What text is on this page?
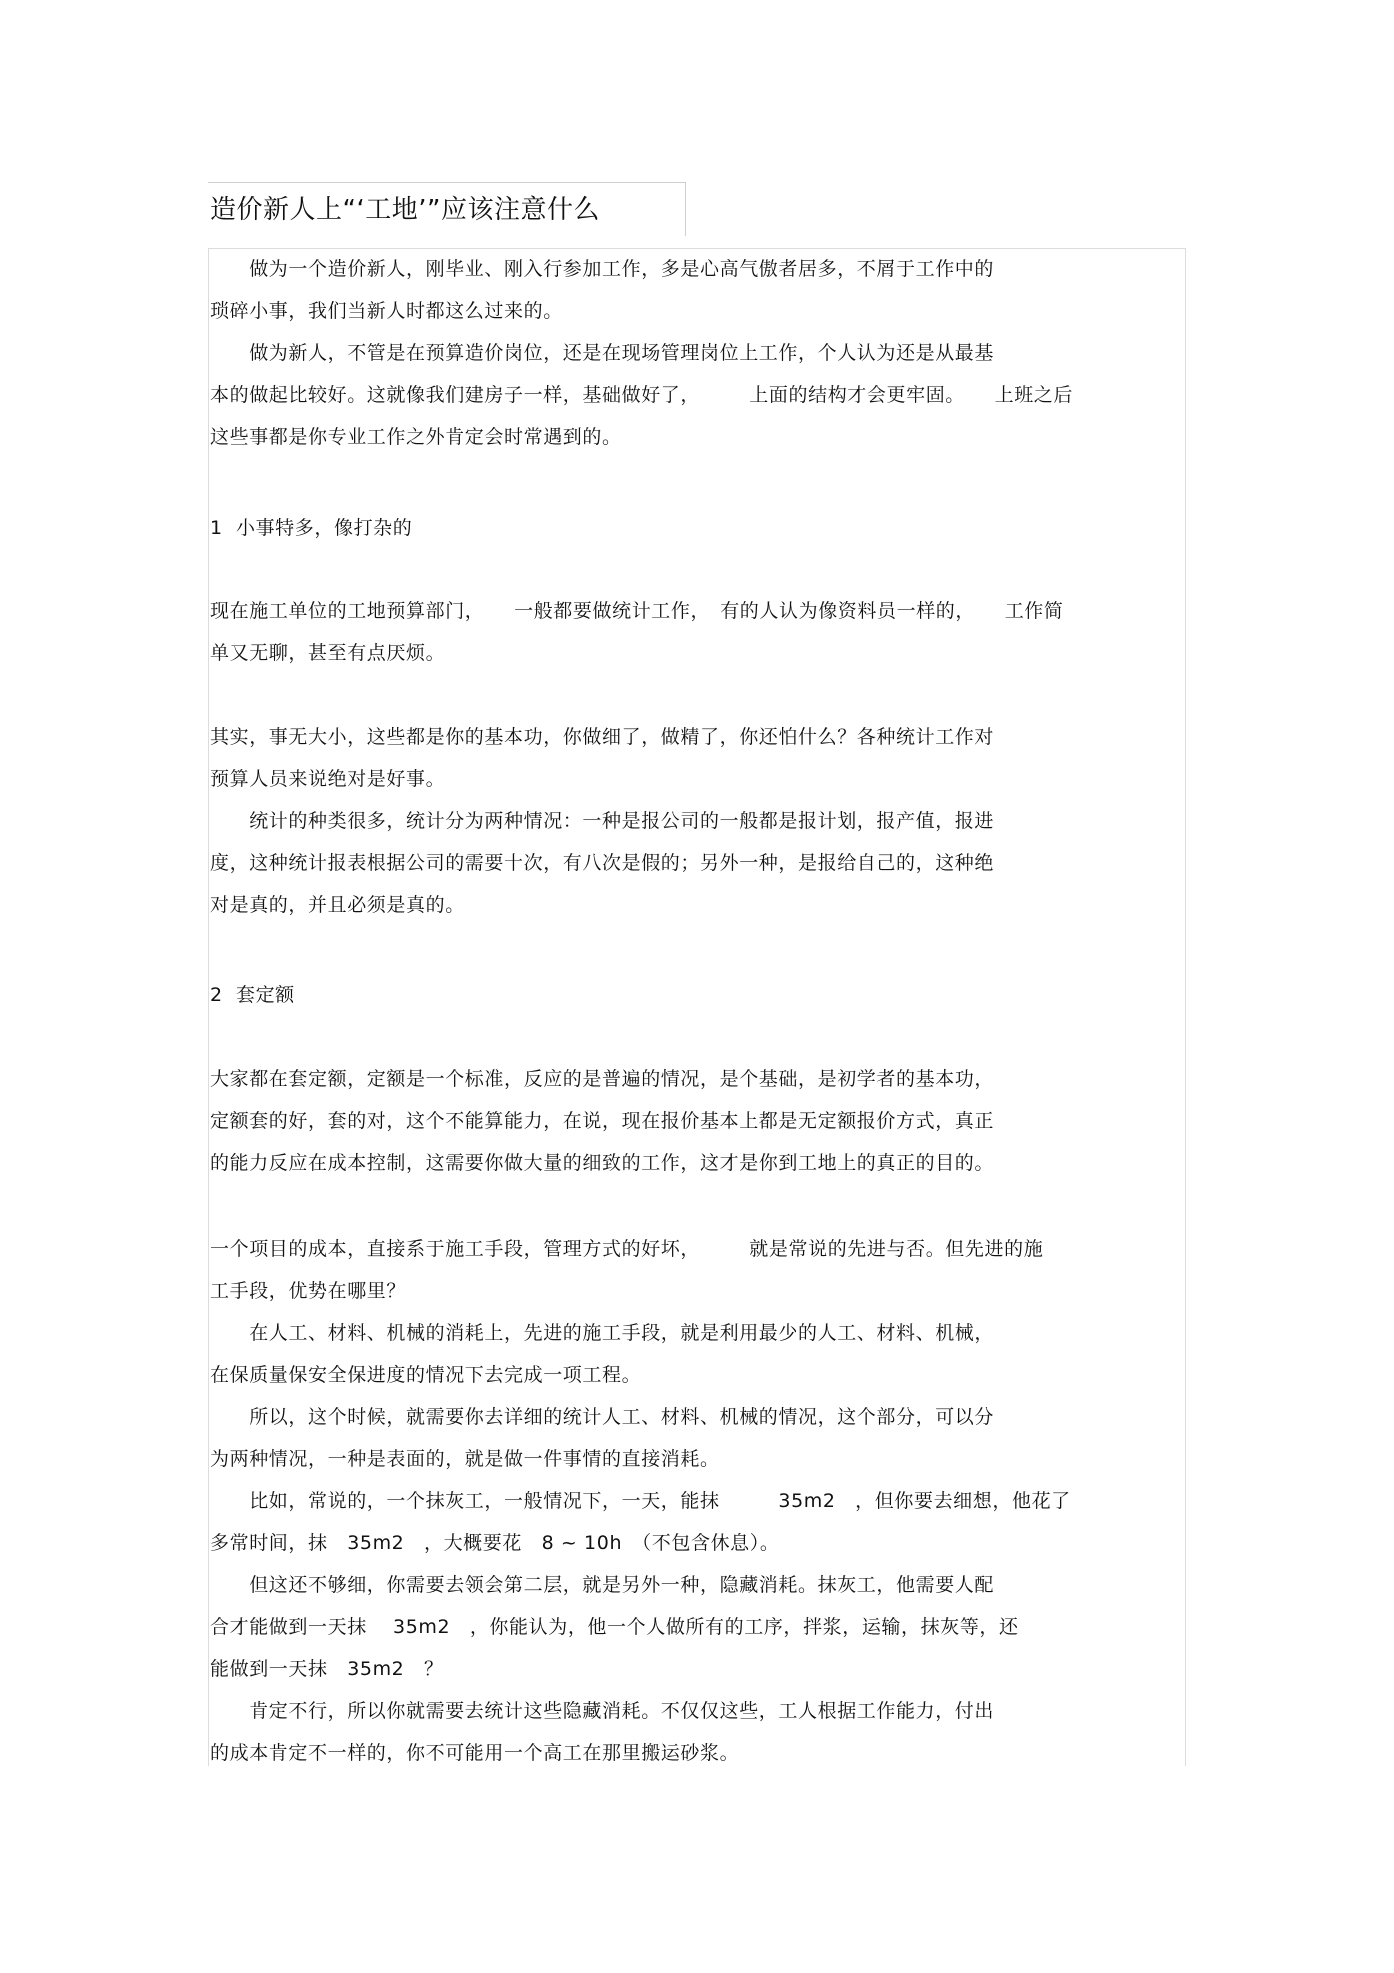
造价新人上“‘工地’”应该注意什么
　　做为一个造价新人，刚毕业、刚入行参加工作，多是心高气傲者居多，不屑于工作中的
琐碎小事，我们当新人时都这么过来的。
　　做为新人，不管是在预算造价岗位，还是在现场管理岗位上工作，个人认为还是从最基
本的做起比较好。这就像我们建房子一样，基础做好了，　　　上面的结构才会更牢固。　　上班之后
这些事都是你专业工作之外肯定会时常遇到的。
1  小事特多，像打杂的
现在施工单位的工地预算部门，　　一般都要做统计工作，　有的人认为像资料员一样的，　　工作简
单又无聊，甚至有点厌烦。
其实，事无大小，这些都是你的基本功，你做细了，做精了，你还怕什么？各种统计工作对
预算人员来说绝对是好事。
　　统计的种类很多，统计分为两种情况：一种是报公司的一般都是报计划，报产值，报进
度，这种统计报表根据公司的需要十次，有八次是假的；另外一种，是报给自己的，这种绝
对是真的，并且必须是真的。
2  套定额
大家都在套定额，定额是一个标准，反应的是普遍的情况，是个基础，是初学者的基本功，
定额套的好，套的对，这个不能算能力，在说，现在报价基本上都是无定额报价方式，真正
的能力反应在成本控制，这需要你做大量的细致的工作，这才是你到工地上的真正的目的。
一个项目的成本，直接系于施工手段，管理方式的好坏，　　　就是常说的先进与否。但先进的施
工手段，优势在哪里？
　　在人工、材料、机械的消耗上，先进的施工手段，就是利用最少的人工、材料、机械，
在保质量保安全保进度的情况下去完成一项工程。
　　所以，这个时候，就需要你去详细的统计人工、材料、机械的情况，这个部分，可以分
为两种情况，一种是表面的，就是做一件事情的直接消耗。
　　比如，常说的，一个抹灰工，一般情况下，一天，能抹　　　35m2　，但你要去细想，他花了
多常时间，抹　35m2　，大概要花　8 ~ 10h　（不包含休息）。
　　但这还不够细，你需要去领会第二层，就是另外一种，隐藏消耗。抹灰工，他需要人配
合才能做到一天抹　 35m2　，你能认为，他一个人做所有的工序，拌浆，运输，抹灰等，还
能做到一天抹　35m2　？
　　肯定不行，所以你就需要去统计这些隐藏消耗。不仅仅这些，工人根据工作能力，付出
的成本肯定不一样的，你不可能用一个高工在那里搬运砂浆。
